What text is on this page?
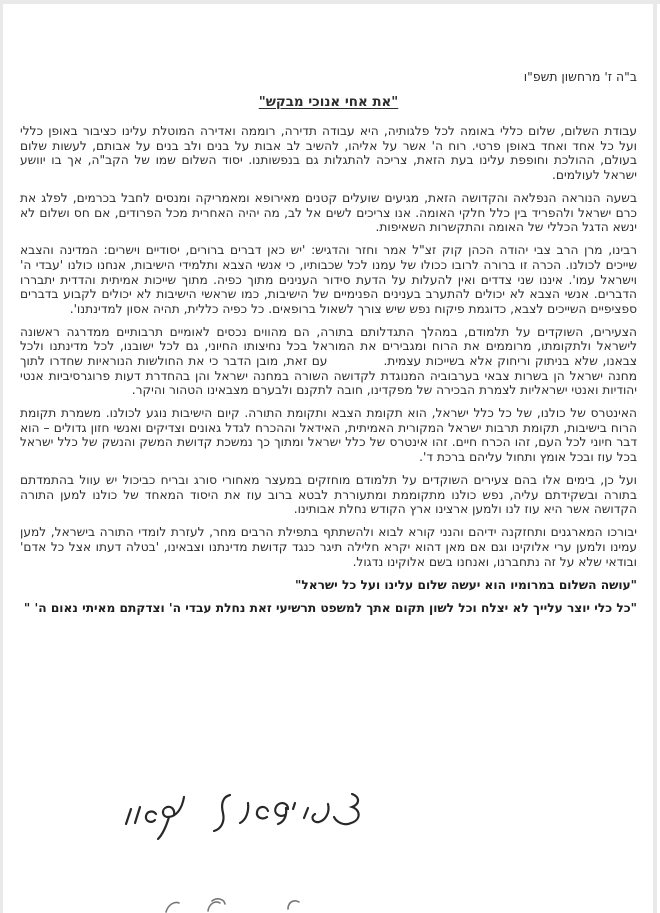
ב"ה ז' מרחשון תשפ"ו
"את אחי אנוכי מבקש"

עבודת השלום, שלום כללי באומה לכל פלגותיה, היא עבודה תדירה, רוממה ואדירה המוטלת עלינו כציבור באופן כללי ועל כל אחד ואחד באופן פרטי. רוח ה' אשר על אליהו, להשיב לב אבות על בנים ולב בנים על אבותם, לעשות שלום בעולם, ההולכת וחופפת עלינו בעת הזאת, צריכה להתגלות גם בנפשותנו. יסוד השלום שמו של הקב"ה, אך בו יוושע ישראל לעולמים.

בשעה הנוראה הנפלאה והקדושה הזאת, מגיעים שועלים קטנים מאירופא ומאמריקה ומנסים לחבל בכרמים, לפלג את כרם ישראל ולהפריד בין כלל חלקי האומה. אנו צריכים לשים אל לב, מה יהיה האחרית מכל הפרודים, אם חס ושלום לא ינשא הדגל הכללי של האומה והתקשרות השאיפות.

רבינו, מרן הרב צבי יהודה הכהן קוק זצ"ל אמר וחזר והדגיש: 'יש כאן דברים ברורים, יסודיים וישרים: המדינה והצבא שייכים לכולנו. הכרה זו ברורה לרובו ככולו של עמנו לכל שכבותיו, כי אנשי הצבא ותלמידי הישיבות, אנחנו כולנו 'עבדי ה' וישראל עמו'. איננו שני צדדים ואין להעלות על הדעת סידור הענינים מתוך כפיה. מתוך שייכות אמיתית והדדית יתבררו הדברים. אנשי הצבא לא יכולים להתערב בענינים הפנימיים של הישיבות, כמו שראשי הישיבות לא יכולים לקבוע בדברים ספציפיים השייכים לצבא, כדוגמת פיקוח נפש שיש צורך לשאול ברופאים. כל כפיה כללית, תהיה אסון למדינתנו'.

הצעירים, השוקדים על תלמודם, במהלך התגדלותם בתורה, הם מהווים נכסים לאומיים תרבותיים ממדרגה ראשונה לישראל ולתקומתו, מרוממים את הרוח ומגבירים את המוראל בכל נחיצותו החיוני, גם לכל ישובנו, לכל מדינתנו ולכל צבאנו, שלא בניתוק וריחוק אלא בשייכות עצמית.עם זאת, מובן הדבר כי את החולשות הנוראיות שחדרו לתוך מחנה ישראל הן בשרות צבאי בערבוביה המנוגדת לקדושה השורה במחנה ישראל והן בהחדרת דעות פרוגרסיביות אנטי יהודיות ואנטי ישראליות לצמרת הבכירה של מפקדינו, חובה לתקנם ולבערם מצבאינו הטהור והיקר.

האינטרס של כולנו, של כל כלל ישראל, הוא תקומת הצבא ותקומת התורה. קיום הישיבות נוגע לכולנו. משמרת תקומת הרוח בישיבות, תקומת תרבות ישראל המקורית האמיתית, האידאל וההכרח לגדל גאונים וצדיקים ואנשי חזון גדולים – הוא דבר חיוני לכל העם, זהו הכרח חיים. זהו אינטרס של כלל ישראל ומתוך כך נמשכת קדושת המשק והנשק של כלל ישראל בכל עוז ובכל אומץ ותחול עליהם ברכת ד'.

ועל כן, בימים אלו בהם צעירים השוקדים על תלמודם מוחזקים במעצר מאחורי סורג ובריח כביכול יש עוול בהתמדתם בתורה ובשקידתם עליה, נפש כולנו מתקוממת ומתעוררת לבטא ברוב עוז את היסוד המאחד של כולנו למען התורה הקדושה אשר היא עוז לנו ולמען ארצינו ארץ הקודש נחלת אבותינו.

יבורכו המארגנים ותחזקנה ידיהם והנני קורא לבוא ולהשתתף בתפילת הרבים מחר, לעזרת לומדי התורה בישראל, למען עמינו ולמען ערי אלוקינו וגם אם מאן דהוא יקרא חלילה תיגר כנגד קדושת מדינתנו וצבאינו, 'בטלה דעתו אצל כל אדם' ובודאי שלא על זה נתחברנו, ואנחנו בשם אלוקינו נדגול.

"עושה השלום במרומיו הוא יעשה שלום עלינו ועל כל ישראל"

"כל כלי יוצר עלייך לא יצלח וכל לשון תקום אתך למשפט תרשיעי זאת נחלת עבדי ה' וצדקתם מאיתי נאום ה' "
